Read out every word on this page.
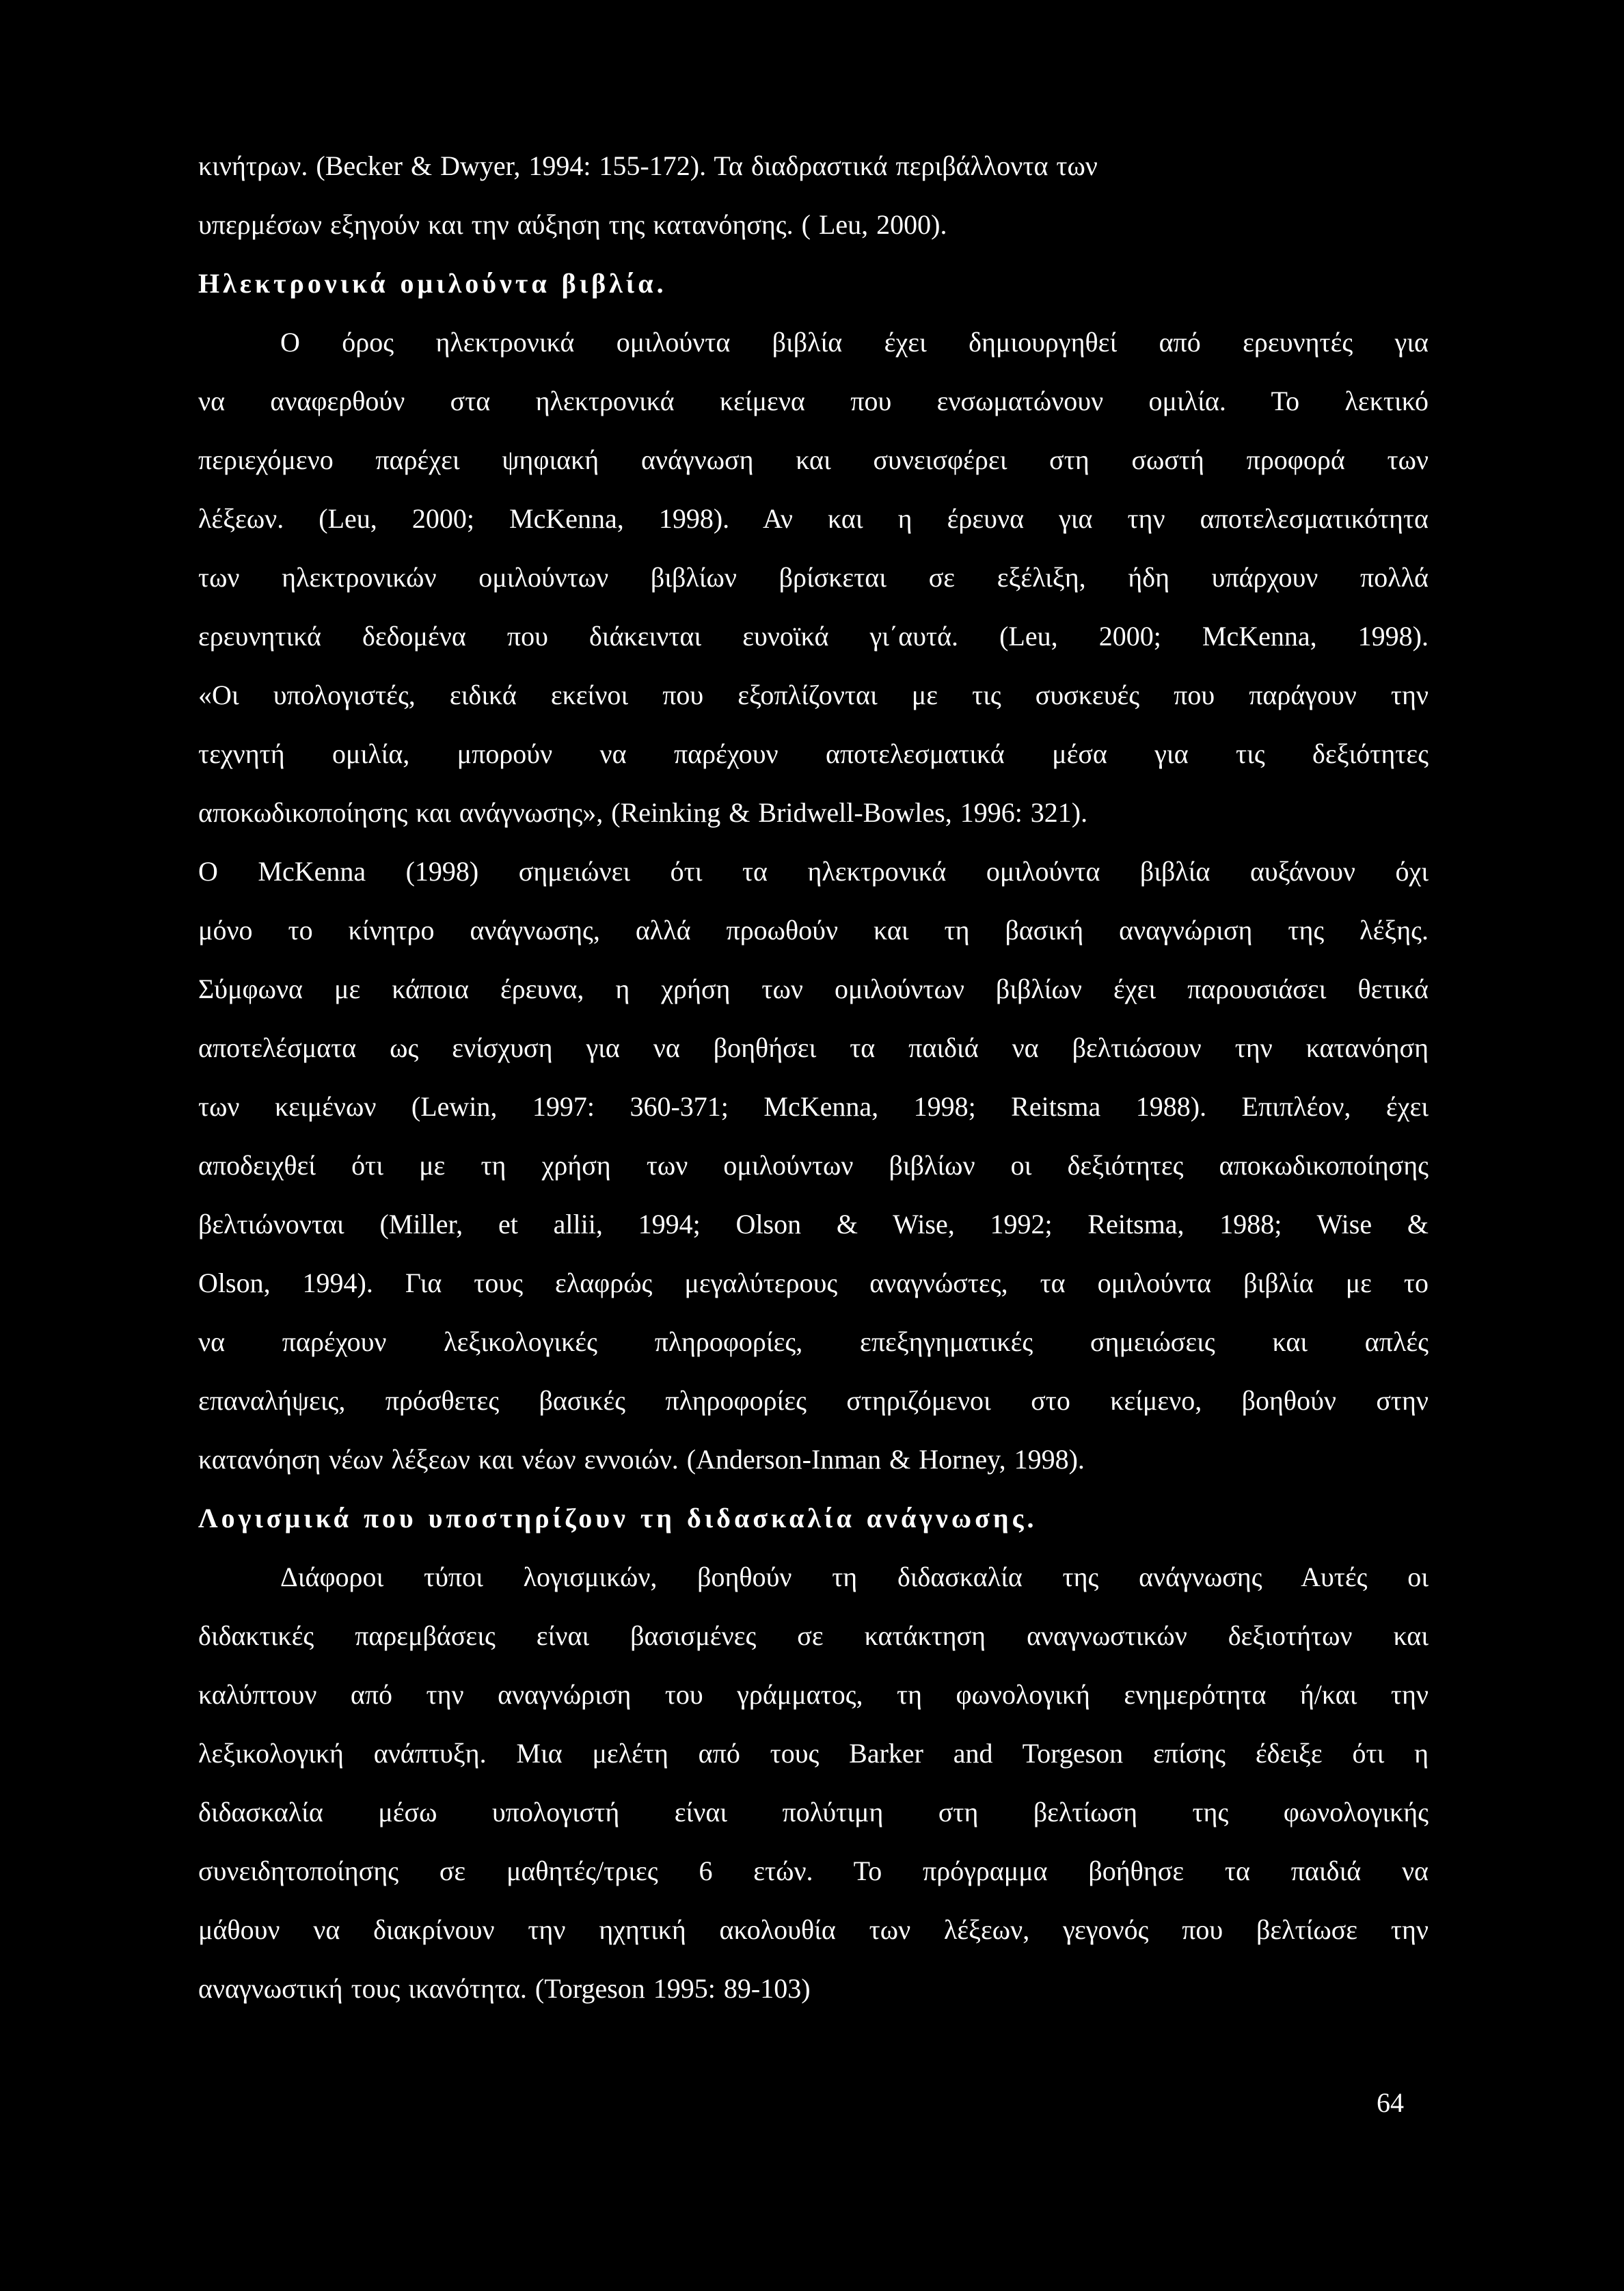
κινήτρων. (Becker & Dwyer, 1994: 155-172). Τα διαδραστικά περιβάλλοντα των
υπερμέσων εξηγούν και την αύξηση της κατανόησης. ( Leu, 2000).
Ηλεκτρονικά ομιλούντα βιβλία.
Ο όρος ηλεκτρονικά ομιλούντα βιβλία έχει δημιουργηθεί από ερευνητές για
να αναφερθούν στα ηλεκτρονικά κείμενα που ενσωματώνουν ομιλία. Το λεκτικό
περιεχόμενο παρέχει ψηφιακή ανάγνωση και συνεισφέρει στη σωστή προφορά των
λέξεων. (Leu, 2000; McKenna, 1998). Αν και η έρευνα για την αποτελεσματικότητα
των ηλεκτρονικών ομιλούντων βιβλίων βρίσκεται σε εξέλιξη, ήδη υπάρχουν πολλά
ερευνητικά δεδομένα που διάκεινται ευνοϊκά γι΄αυτά. (Leu, 2000; McKenna, 1998).
«Οι υπολογιστές, ειδικά εκείνοι που εξοπλίζονται με τις συσκευές που παράγουν την
τεχνητή ομιλία, μπορούν να παρέχουν αποτελεσματικά μέσα για τις δεξιότητες
αποκωδικοποίησης και ανάγνωσης», (Reinking & Bridwell-Bowles, 1996: 321).
Ο McKenna (1998) σημειώνει ότι τα ηλεκτρονικά ομιλούντα βιβλία αυξάνουν όχι
μόνο το κίνητρο ανάγνωσης, αλλά προωθούν και τη βασική αναγνώριση της λέξης.
Σύμφωνα με κάποια έρευνα, η χρήση των ομιλούντων βιβλίων έχει παρουσιάσει θετικά
αποτελέσματα ως ενίσχυση για να βοηθήσει τα παιδιά να βελτιώσουν την κατανόηση
των κειμένων (Lewin, 1997: 360-371; McKenna, 1998; Reitsma 1988). Επιπλέον, έχει
αποδειχθεί ότι με τη χρήση των ομιλούντων βιβλίων οι δεξιότητες αποκωδικοποίησης
βελτιώνονται (Miller, et allii, 1994; Olson & Wise, 1992; Reitsma, 1988; Wise &
Olson, 1994). Για τους ελαφρώς μεγαλύτερους αναγνώστες, τα ομιλούντα βιβλία με το
να παρέχουν λεξικολογικές πληροφορίες, επεξηγηματικές σημειώσεις και απλές
επαναλήψεις, πρόσθετες βασικές πληροφορίες στηριζόμενοι στο κείμενο, βοηθούν στην
κατανόηση νέων λέξεων και νέων εννοιών. (Anderson-Inman & Horney, 1998).
Λογισμικά που υποστηρίζουν τη διδασκαλία ανάγνωσης.
Διάφοροι τύποι λογισμικών, βοηθούν τη διδασκαλία της ανάγνωσης Αυτές οι
διδακτικές παρεμβάσεις είναι βασισμένες σε κατάκτηση αναγνωστικών δεξιοτήτων και
καλύπτουν από την αναγνώριση του γράμματος, τη φωνολογική ενημερότητα ή/και την
λεξικολογική ανάπτυξη. Μια μελέτη από τους Barker and Torgeson επίσης έδειξε ότι η
διδασκαλία μέσω υπολογιστή είναι πολύτιμη στη βελτίωση της φωνολογικής
συνειδητοποίησης σε μαθητές/τριες 6 ετών. Το πρόγραμμα βοήθησε τα παιδιά να
μάθουν να διακρίνουν την ηχητική ακολουθία των λέξεων, γεγονός που βελτίωσε την
αναγνωστική τους ικανότητα. (Torgeson 1995: 89-103)
64
